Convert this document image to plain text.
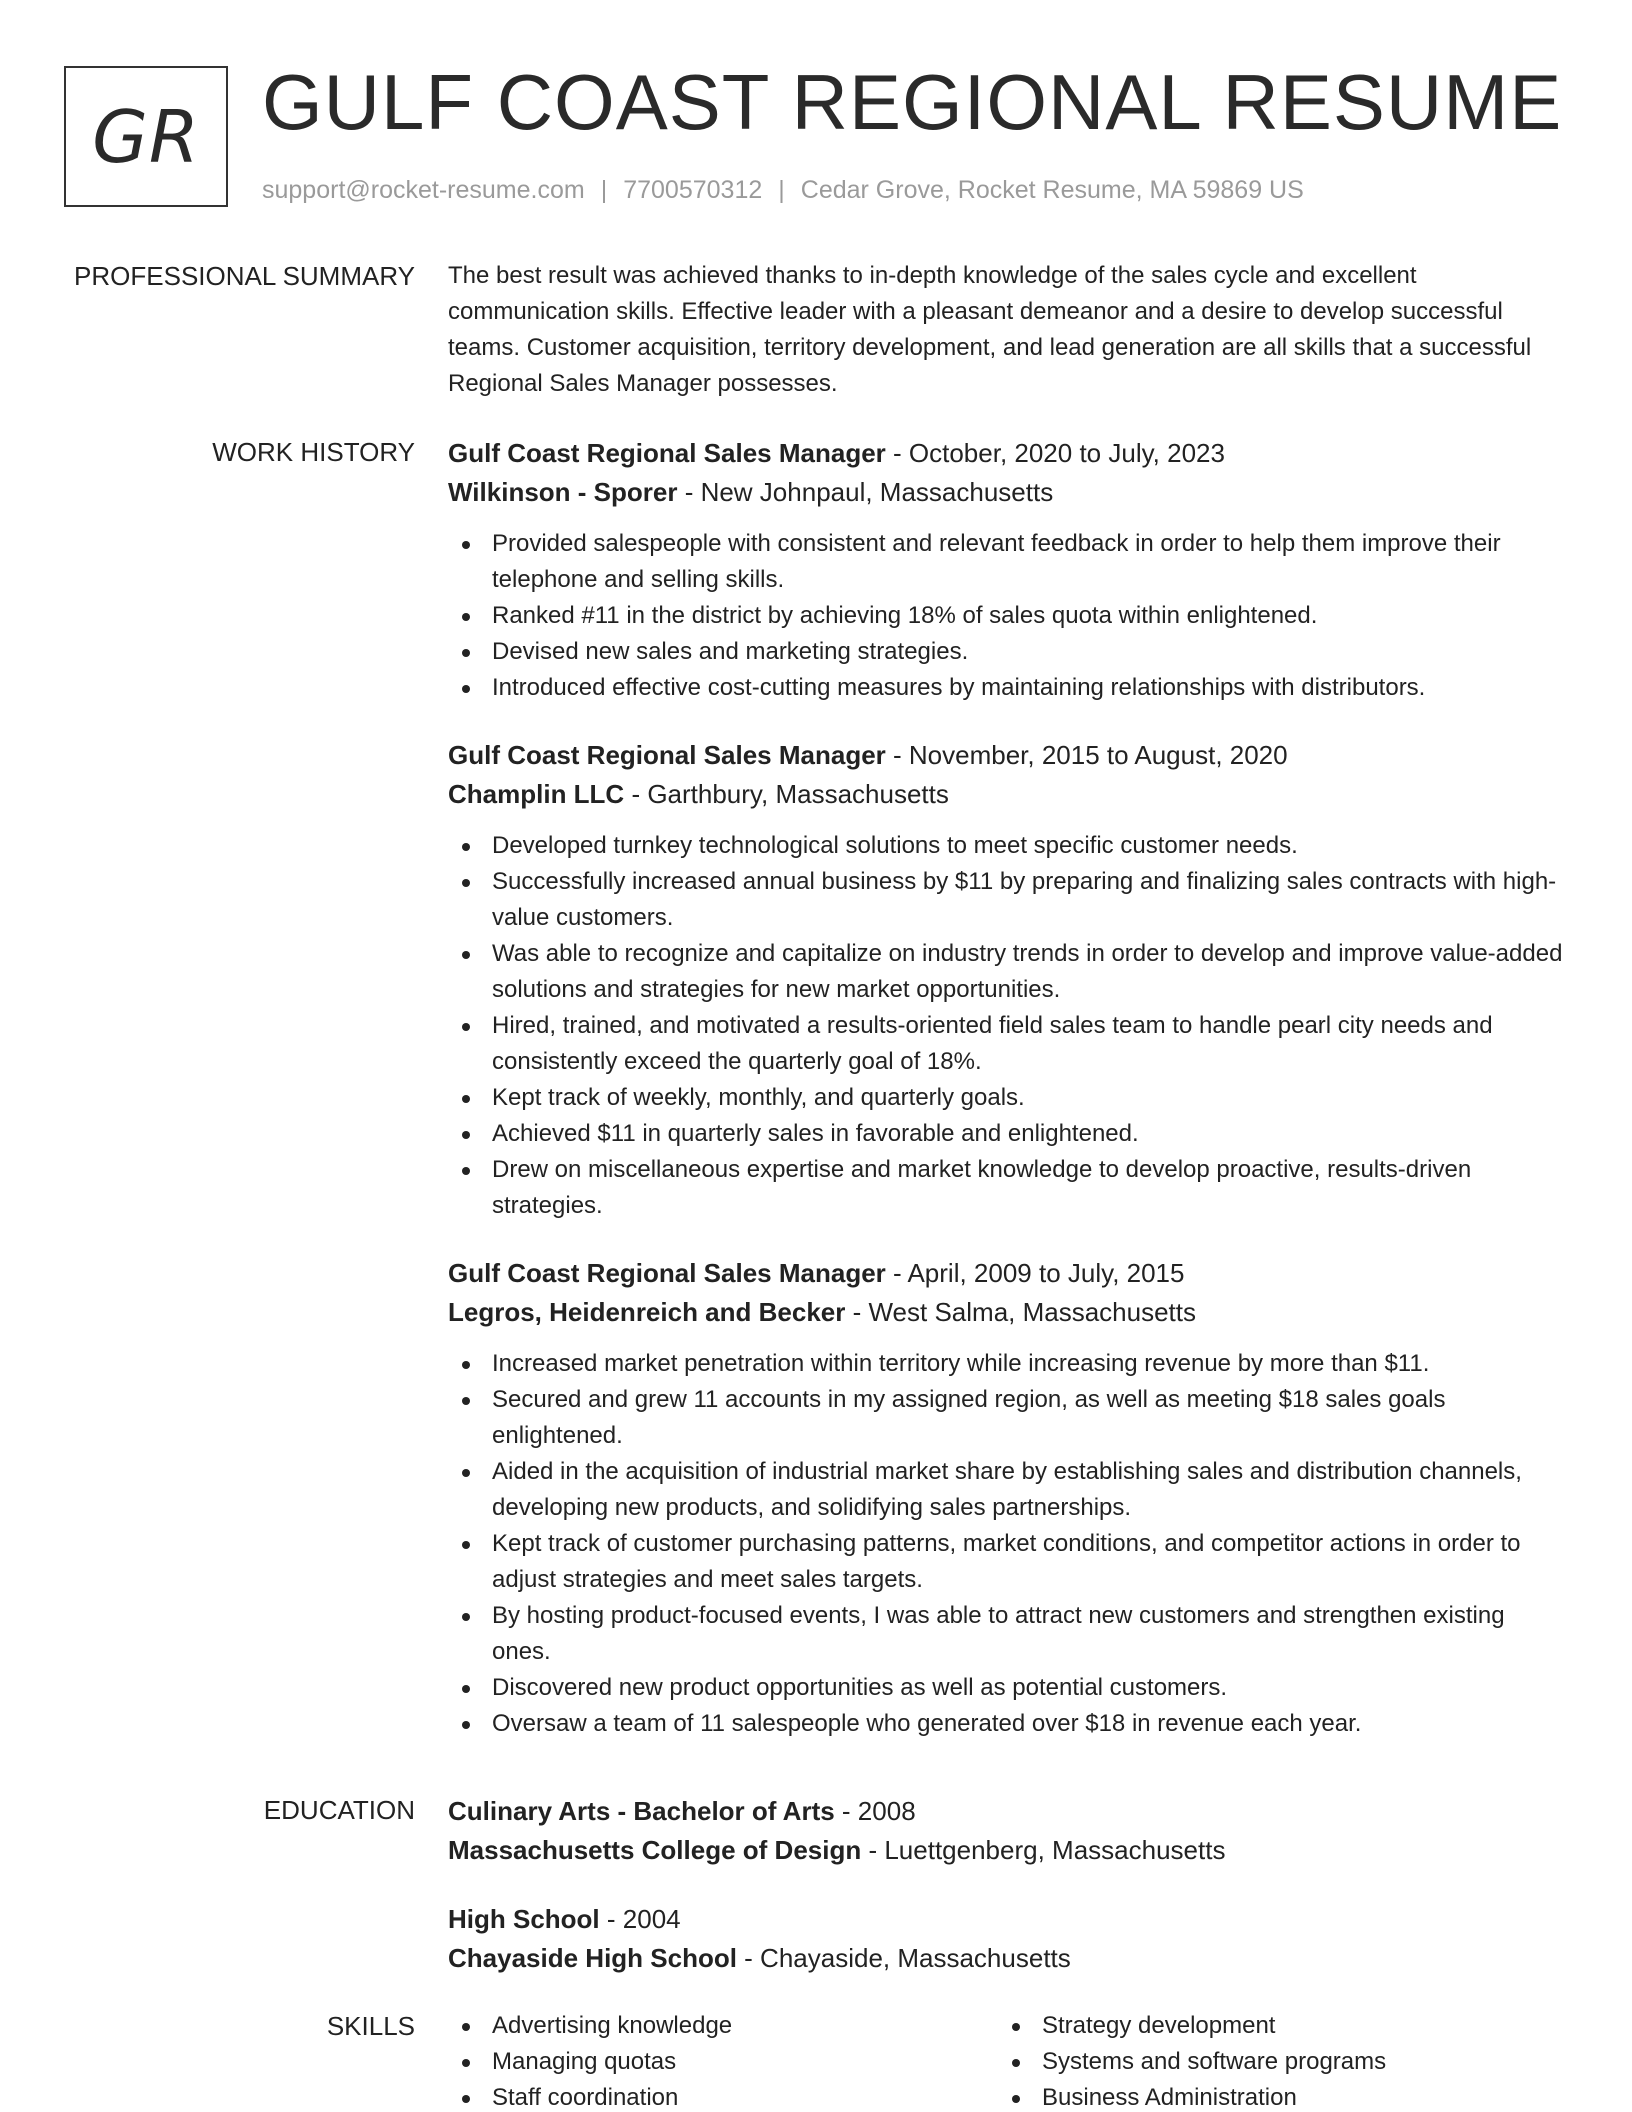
GR GULF COAST REGIONAL RESUME
support@rocket-resume.com | 7700570312 | Cedar Grove, Rocket Resume, MA 59869 US
PROFESSIONAL SUMMARY The best result was achieved thanks to in-depth knowledge of the sales cycle and excellent communication skills. Effective leader with a pleasant demeanor and a desire to develop successful teams. Customer acquisition, territory development, and lead generation are all skills that a successful Regional Sales Manager possesses.

WORK HISTORY Gulf Coast Regional Sales Manager - October, 2020 to July, 2023
Wilkinson - Sporer - New Johnpaul, Massachusetts
Provided salespeople with consistent and relevant feedback in order to help them improve their telephone and selling skills.
Ranked #11 in the district by achieving 18% of sales quota within enlightened.
Devised new sales and marketing strategies.
Introduced effective cost-cutting measures by maintaining relationships with distributors.
Gulf Coast Regional Sales Manager - November, 2015 to August, 2020
Champlin LLC - Garthbury, Massachusetts
Developed turnkey technological solutions to meet specific customer needs.
Successfully increased annual business by $11 by preparing and finalizing sales contracts with high-value customers.
Was able to recognize and capitalize on industry trends in order to develop and improve value-added solutions and strategies for new market opportunities.
Hired, trained, and motivated a results-oriented field sales team to handle pearl city needs and consistently exceed the quarterly goal of 18%.
Kept track of weekly, monthly, and quarterly goals.
Achieved $11 in quarterly sales in favorable and enlightened.
Drew on miscellaneous expertise and market knowledge to develop proactive, results-driven strategies.
Gulf Coast Regional Sales Manager - April, 2009 to July, 2015
Legros, Heidenreich and Becker - West Salma, Massachusetts
Increased market penetration within territory while increasing revenue by more than $11.
Secured and grew 11 accounts in my assigned region, as well as meeting $18 sales goals enlightened.
Aided in the acquisition of industrial market share by establishing sales and distribution channels, developing new products, and solidifying sales partnerships.
Kept track of customer purchasing patterns, market conditions, and competitor actions in order to adjust strategies and meet sales targets.
By hosting product-focused events, I was able to attract new customers and strengthen existing ones.
Discovered new product opportunities as well as potential customers.
Oversaw a team of 11 salespeople who generated over $18 in revenue each year.
EDUCATION Culinary Arts - Bachelor of Arts - 2008
Massachusetts College of Design - Luettgenberg, Massachusetts
High School - 2004
Chayaside High School - Chayaside, Massachusetts
SKILLS	Advertising knowledge
Managing quotas
Staff coordination
Strategy development
Systems and software programs
Business Administration
